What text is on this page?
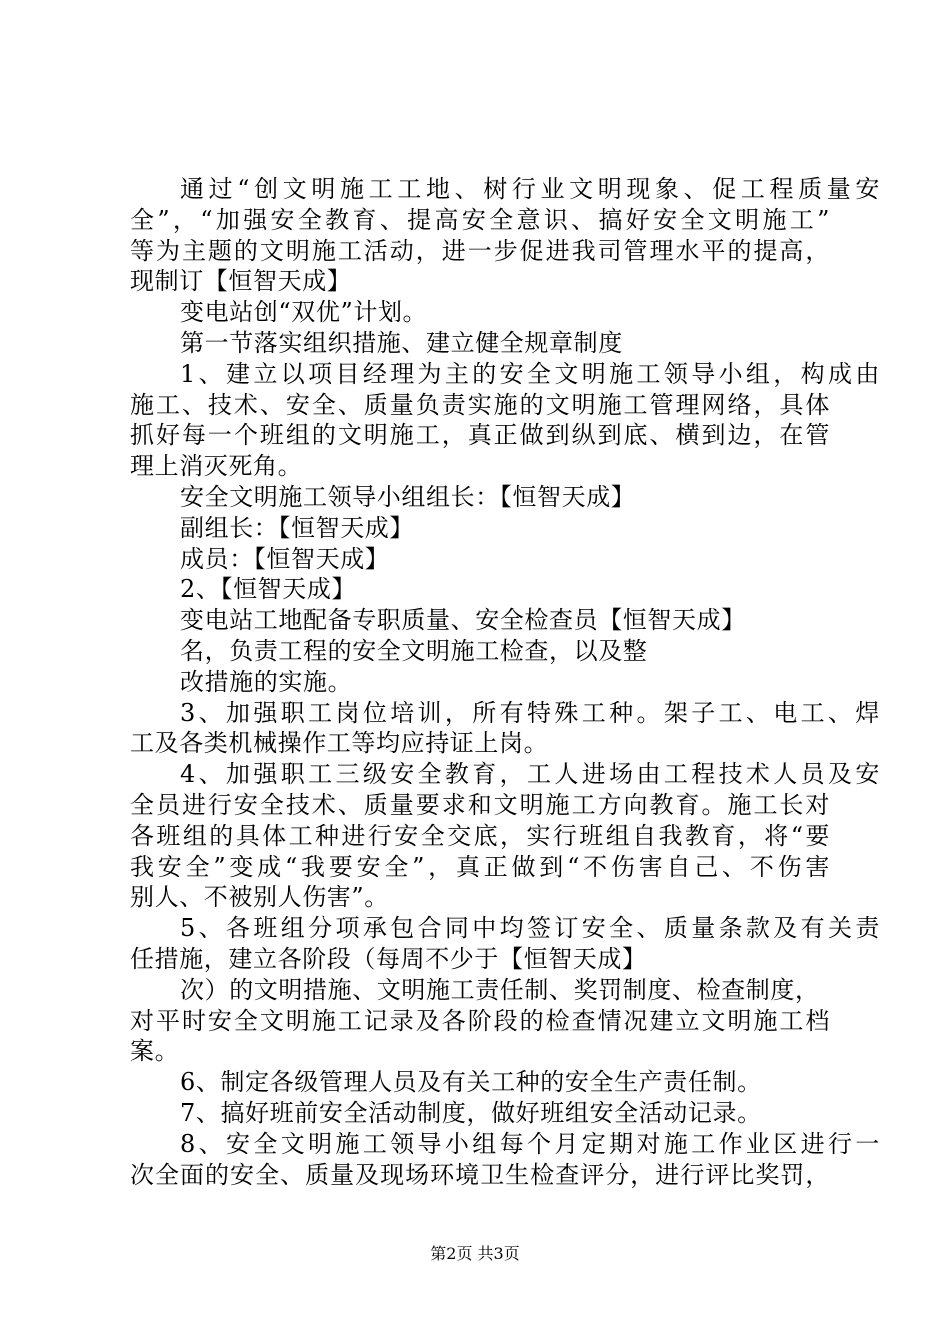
通过“创文明施工工地、树行业文明现象、促工程质量安
全”，“加强安全教育、提高安全意识、搞好安全文明施工”
等为主题的文明施工活动，进一步促进我司管理水平的提高，
现制订【恒智天成】
变电站创“双优”计划。
第一节落实组织措施、建立健全规章制度
1、建立以项目经理为主的安全文明施工领导小组，构成由
施工、技术、安全、质量负责实施的文明施工管理网络，具体
抓好每一个班组的文明施工，真正做到纵到底、横到边，在管
理上消灭死角。
安全文明施工领导小组组长：【恒智天成】
副组长：【恒智天成】
成员：【恒智天成】
2、【恒智天成】
变电站工地配备专职质量、安全检查员【恒智天成】
名，负责工程的安全文明施工检查，以及整
改措施的实施。
3、加强职工岗位培训，所有特殊工种。架子工、电工、焊
工及各类机械操作工等均应持证上岗。
4、加强职工三级安全教育，工人进场由工程技术人员及安
全员进行安全技术、质量要求和文明施工方向教育。施工长对
各班组的具体工种进行安全交底，实行班组自我教育，将“要
我安全”变成“我要安全”，真正做到“不伤害自己、不伤害
别人、不被别人伤害”。
5、各班组分项承包合同中均签订安全、质量条款及有关责
任措施，建立各阶段（每周不少于【恒智天成】
次）的文明措施、文明施工责任制、奖罚制度、检查制度，
对平时安全文明施工记录及各阶段的检查情况建立文明施工档
案。
6、制定各级管理人员及有关工种的安全生产责任制。
7、搞好班前安全活动制度，做好班组安全活动记录。
8、安全文明施工领导小组每个月定期对施工作业区进行一
次全面的安全、质量及现场环境卫生检查评分，进行评比奖罚，
第2页 共3页
